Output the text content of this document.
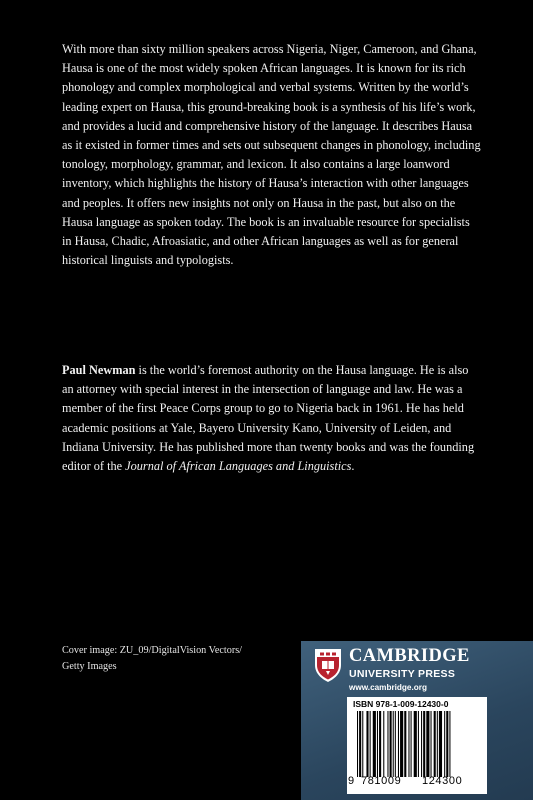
With more than sixty million speakers across Nigeria, Niger, Cameroon, and Ghana, Hausa is one of the most widely spoken African languages. It is known for its rich phonology and complex morphological and verbal systems. Written by the world’s leading expert on Hausa, this ground-breaking book is a synthesis of his life’s work, and provides a lucid and comprehensive history of the language. It describes Hausa as it existed in former times and sets out subsequent changes in phonology, including tonology, morphology, grammar, and lexicon. It also contains a large loanword inventory, which highlights the history of Hausa’s interaction with other languages and peoples. It offers new insights not only on Hausa in the past, but also on the Hausa language as spoken today. The book is an invaluable resource for specialists in Hausa, Chadic, Afroasiatic, and other African languages as well as for general historical linguists and typologists.

Paul Newman is the world’s foremost authority on the Hausa language. He is also an attorney with special interest in the intersection of language and law. He was a member of the first Peace Corps group to go to Nigeria back in 1961. He has held academic positions at Yale, Bayero University Kano, University of Leiden, and Indiana University. He has published more than twenty books and was the founding editor of the Journal of African Languages and Linguistics.

Cover image: ZU_09/DigitalVision Vectors/
Getty Images	CAMBRIDGE
UNIVERSITY PRESS
www.cambridge.org
ISBN 978-1-009-12430-0
9 781009 124300
